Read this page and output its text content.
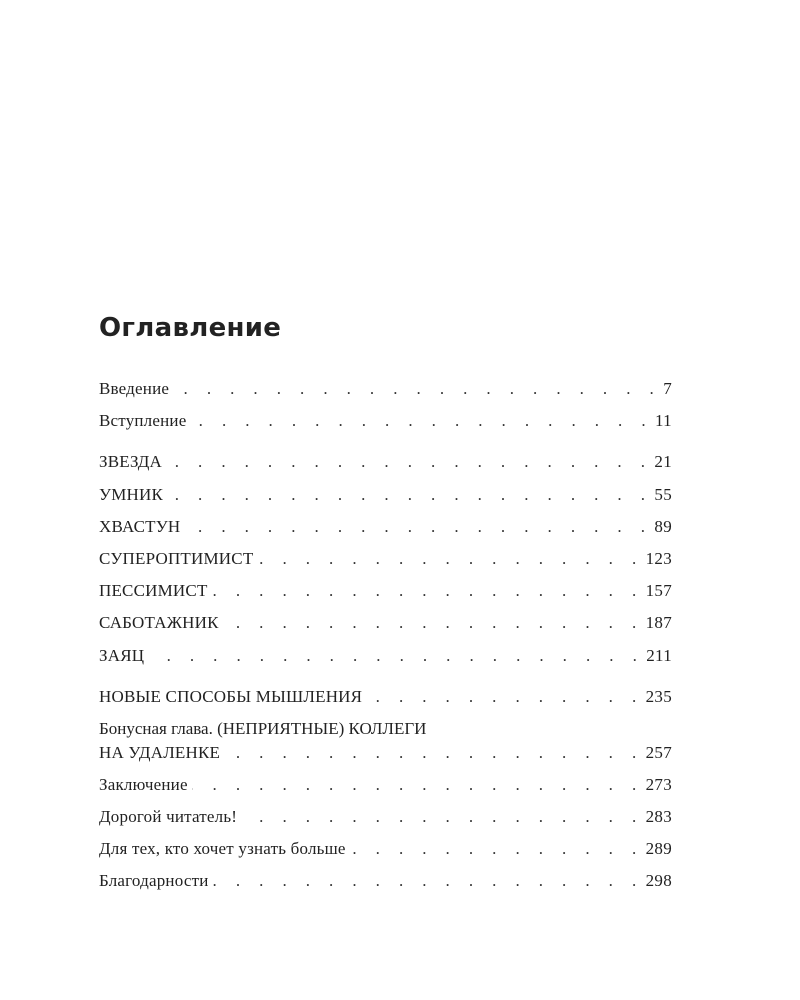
Оглавление
Введение . . .	7
Вступление . . .	11
ЗВЕЗДА . . .	21
УМНИК . . .	55
ХВАСТУН . . .	89
СУПЕРОПТИМИСТ . . .	123
ПЕССИМИСТ . . .	157
САБОТАЖНИК . . .	187
ЗАЯЦ . . .	211
НОВЫЕ СПОСОБЫ МЫШЛЕНИЯ . . .	235
Бонусная глава. (НЕПРИЯТНЫЕ) КОЛЛЕГИ
НА УДАЛЕНКЕ . . .	257
Заключение . . .	273
Дорогой читатель! . . .	283
Для тех, кто хочет узнать больше . . .	289
Благодарности . . .	298
